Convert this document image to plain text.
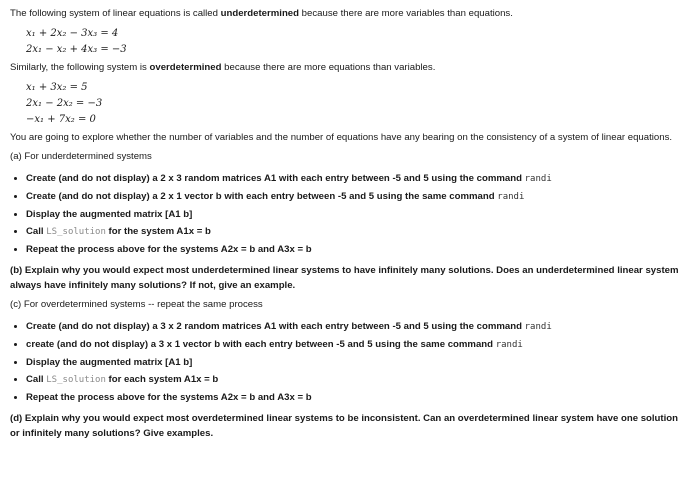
The following system of linear equations is called underdetermined because there are more variables than equations.

x₁ + 2x₂ − 3x₃ = 4
2x₁ − x₂ + 4x₃ = −3

Similarly, the following system is overdetermined because there are more equations than variables.

x₁ + 3x₂ = 5
2x₁ − 2x₂ = −3
−x₁ + 7x₂ = 0

You are going to explore whether the number of variables and the number of equations have any bearing on the consistency of a system of linear equations.

(a) For underdetermined systems

• Create (and do not display) a 2 x 3 random matrices A1 with each entry between -5 and 5 using the command randi
• Create (and do not display) a 2 x 1 vector b with each entry between -5 and 5 using the same command randi
• Display the augmented matrix [A1 b]
• Call LS_solution for the system A1x = b
• Repeat the process above for the systems A2x = b and A3x = b

(b) Explain why you would expect most underdetermined linear systems to have infinitely many solutions. Does an underdetermined linear system always have infinitely many solutions? If not, give an example.

(c) For overdetermined systems -- repeat the same process

• Create (and do not display) a 3 x 2 random matrices A1 with each entry between -5 and 5 using the command randi
• create (and do not display) a 3 x 1 vector b with each entry between -5 and 5 using the same command randi
• Display the augmented matrix [A1 b]
• Call LS_solution for each system A1x = b
• Repeat the process above for the systems A2x = b and A3x = b

(d) Explain why you would expect most overdetermined linear systems to be inconsistent. Can an overdetermined linear system have one solution or infinitely many solutions? Give examples.
